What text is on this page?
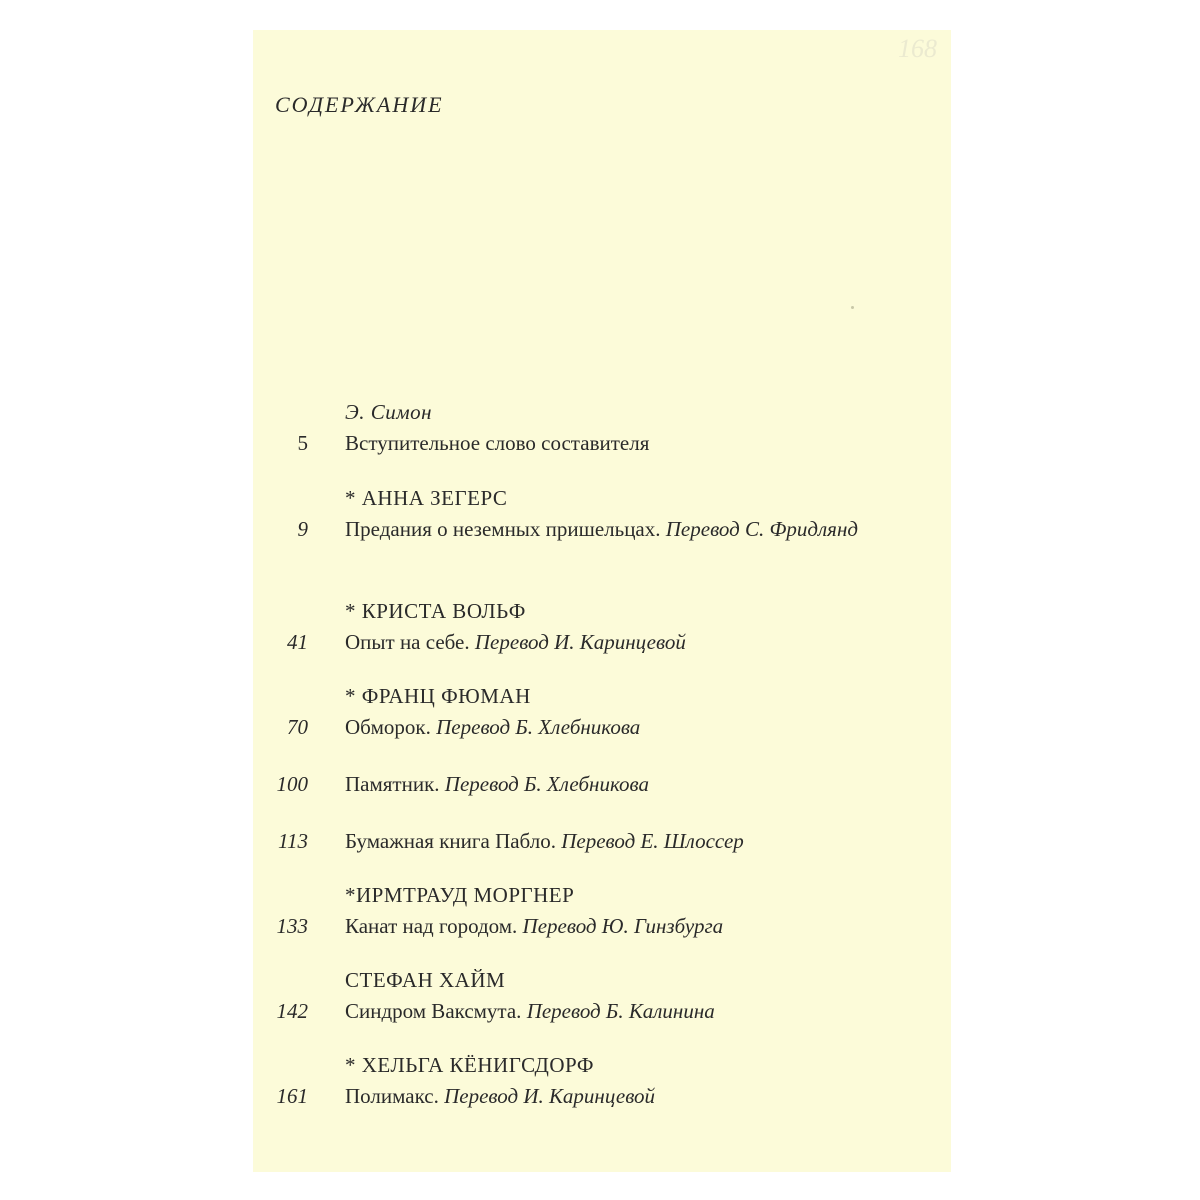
168
СОДЕРЖАНИЕ
Э. Симон
5 Вступительное слово составителя
* АННА ЗЕГЕРС
9 Предания о неземных пришельцах. Перевод С. Фридлянд
* КРИСТА ВОЛЬФ
41 Опыт на себе. Перевод И. Каринцевой
* ФРАНЦ ФЮМАН
70 Обморок. Перевод Б. Хлебникова
100 Памятник. Перевод Б. Хлебникова
113 Бумажная книга Пабло. Перевод Е. Шлоссер
*ИРМТРАУД МОРГНЕР
133 Канат над городом. Перевод Ю. Гинзбурга
СТЕФАН ХАЙМ
142 Синдром Ваксмута. Перевод Б. Калинина
* ХЕЛЬГА КЁНИГСДОРФ
161 Полимакс. Перевод И. Каринцевой
